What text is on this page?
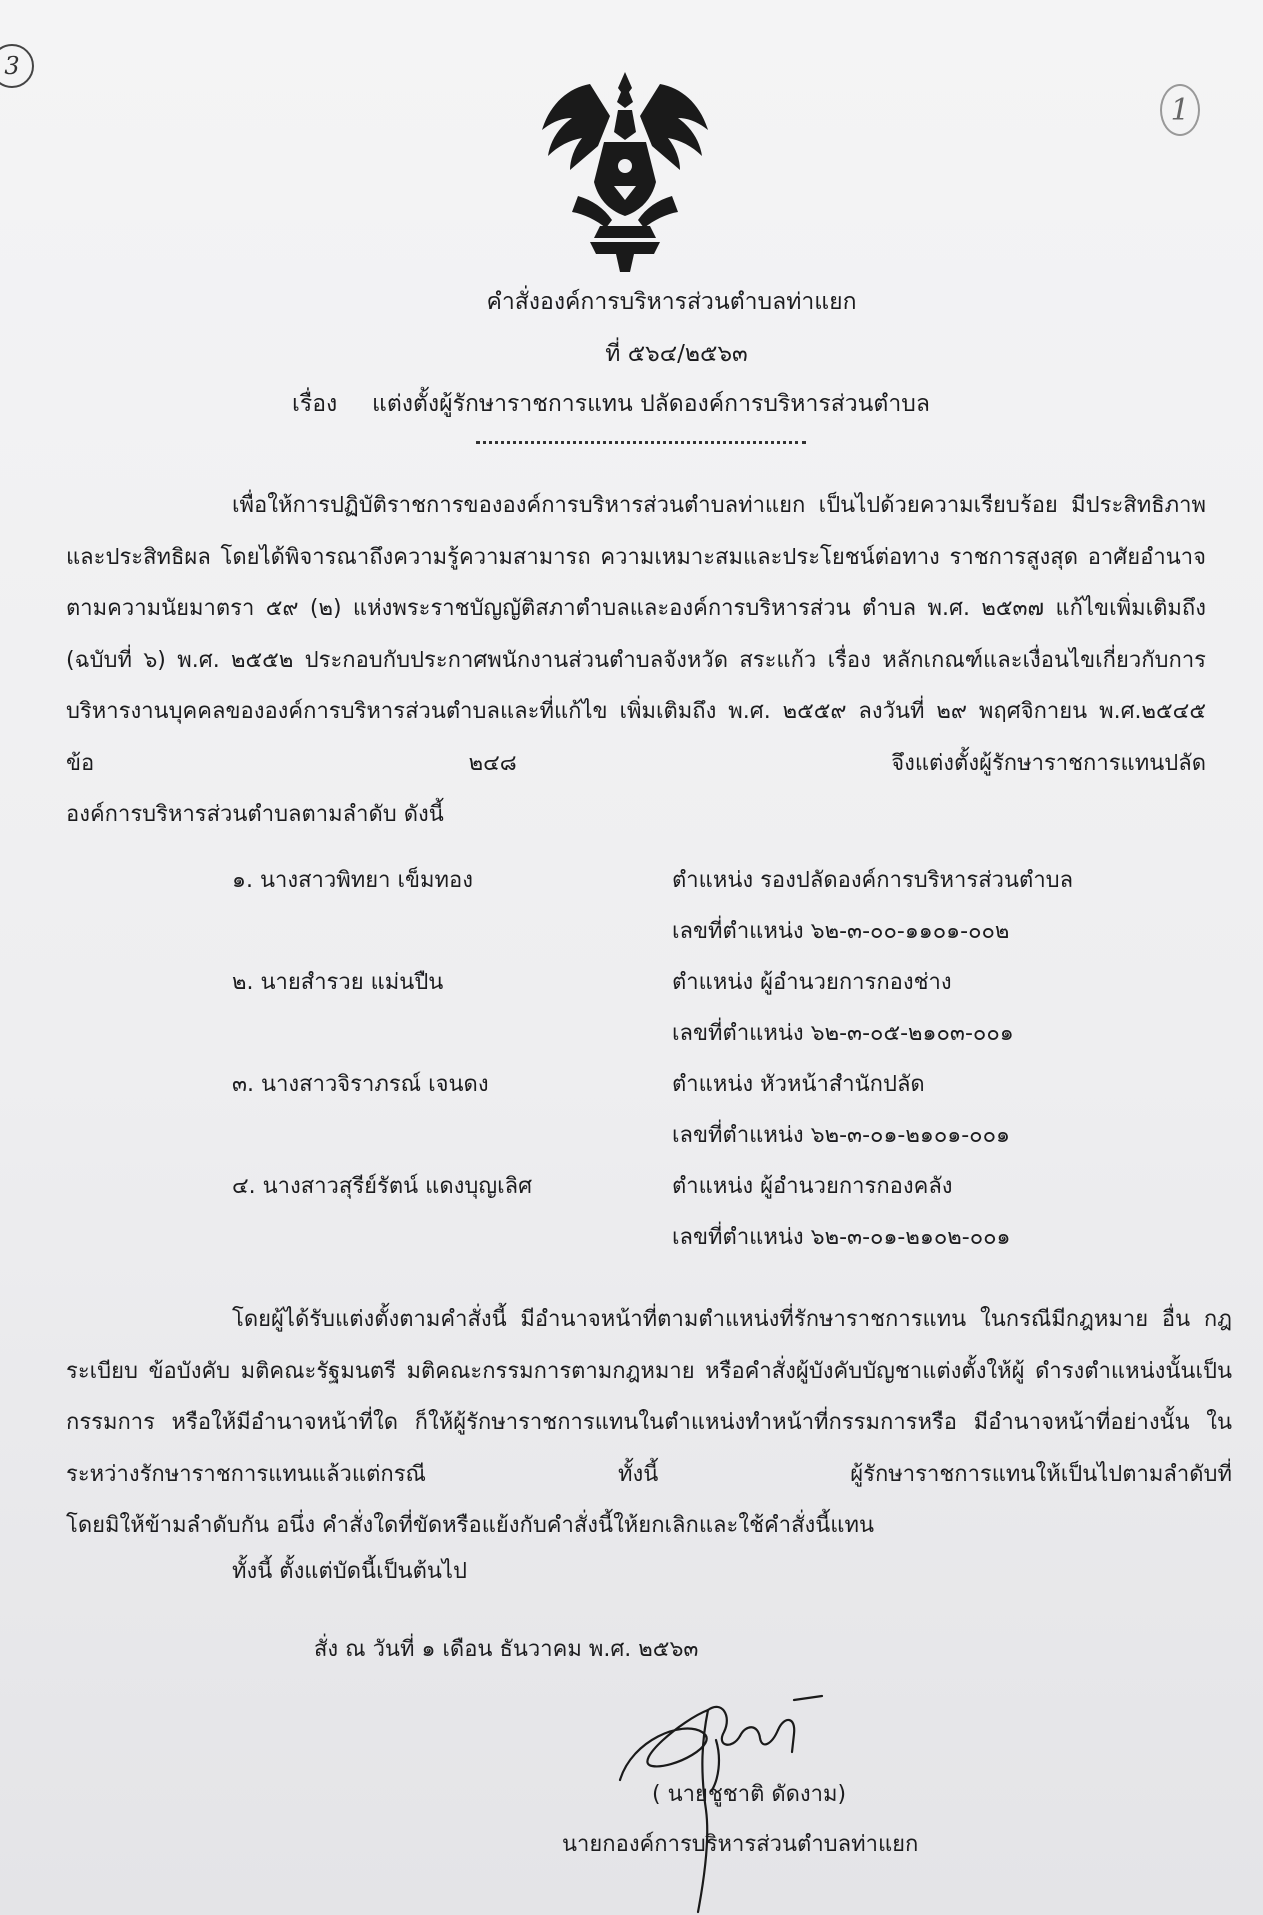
3
1
คำสั่งองค์การบริหารส่วนตำบลท่าแยก
ที่ ๕๖๔/๒๕๖๓
เรื่อง แต่งตั้งผู้รักษาราชการแทน ปลัดองค์การบริหารส่วนตำบล
เพื่อให้การปฏิบัติราชการขององค์การบริหารส่วนตำบลท่าแยก เป็นไปด้วยความเรียบร้อย มีประสิทธิภาพและประสิทธิผล โดยได้พิจารณาถึงความรู้ความสามารถ ความเหมาะสมและประโยชน์ต่อทาง ราชการสูงสุด อาศัยอำนาจตามความนัยมาตรา ๕๙ (๒) แห่งพระราชบัญญัติสภาตำบลและองค์การบริหารส่วน ตำบล พ.ศ. ๒๕๓๗ แก้ไขเพิ่มเติมถึง (ฉบับที่ ๖) พ.ศ. ๒๕๕๒ ประกอบกับประกาศพนักงานส่วนตำบลจังหวัด สระแก้ว เรื่อง หลักเกณฑ์และเงื่อนไขเกี่ยวกับการบริหารงานบุคคลขององค์การบริหารส่วนตำบลและที่แก้ไข เพิ่มเติมถึง พ.ศ. ๒๕๕๙ ลงวันที่ ๒๙ พฤศจิกายน พ.ศ.๒๕๔๕ ข้อ ๒๔๘ จึงแต่งตั้งผู้รักษาราชการแทนปลัด
องค์การบริหารส่วนตำบลตามลำดับ ดังนี้
๑. นางสาวพิทยา เข็มทอง	ตำแหน่ง รองปลัดองค์การบริหารส่วนตำบล
เลขที่ตำแหน่ง ๖๒-๓-๐๐-๑๑๐๑-๐๐๒
๒. นายสำรวย แม่นปืน	ตำแหน่ง ผู้อำนวยการกองช่าง
เลขที่ตำแหน่ง ๖๒-๓-๐๕-๒๑๐๓-๐๐๑
๓. นางสาวจิราภรณ์ เจนดง	ตำแหน่ง หัวหน้าสำนักปลัด
เลขที่ตำแหน่ง ๖๒-๓-๐๑-๒๑๐๑-๐๐๑
๔. นางสาวสุรีย์รัตน์ แดงบุญเลิศ	ตำแหน่ง ผู้อำนวยการกองคลัง
เลขที่ตำแหน่ง ๖๒-๓-๐๑-๒๑๐๒-๐๐๑
โดยผู้ได้รับแต่งตั้งตามคำสั่งนี้ มีอำนาจหน้าที่ตามตำแหน่งที่รักษาราชการแทน ในกรณีมีกฎหมาย อื่น กฎระเบียบ ข้อบังคับ มติคณะรัฐมนตรี มติคณะกรรมการตามกฎหมาย หรือคำสั่งผู้บังคับบัญชาแต่งตั้งให้ผู้ ดำรงตำแหน่งนั้นเป็นกรรมการ หรือให้มีอำนาจหน้าที่ใด ก็ให้ผู้รักษาราชการแทนในตำแหน่งทำหน้าที่กรรมการหรือ มีอำนาจหน้าที่อย่างนั้น ในระหว่างรักษาราชการแทนแล้วแต่กรณี ทั้งนี้ ผู้รักษาราชการแทนให้เป็นไปตามลำดับที่
โดยมิให้ข้ามลำดับกัน อนึ่ง คำสั่งใดที่ขัดหรือแย้งกับคำสั่งนี้ให้ยกเลิกและใช้คำสั่งนี้แทน
ทั้งนี้ ตั้งแต่บัดนี้เป็นต้นไป
สั่ง ณ วันที่ ๑ เดือน ธันวาคม พ.ศ. ๒๕๖๓
( นายชูชาติ ดัดงาม)
นายกองค์การบริหารส่วนตำบลท่าแยก
